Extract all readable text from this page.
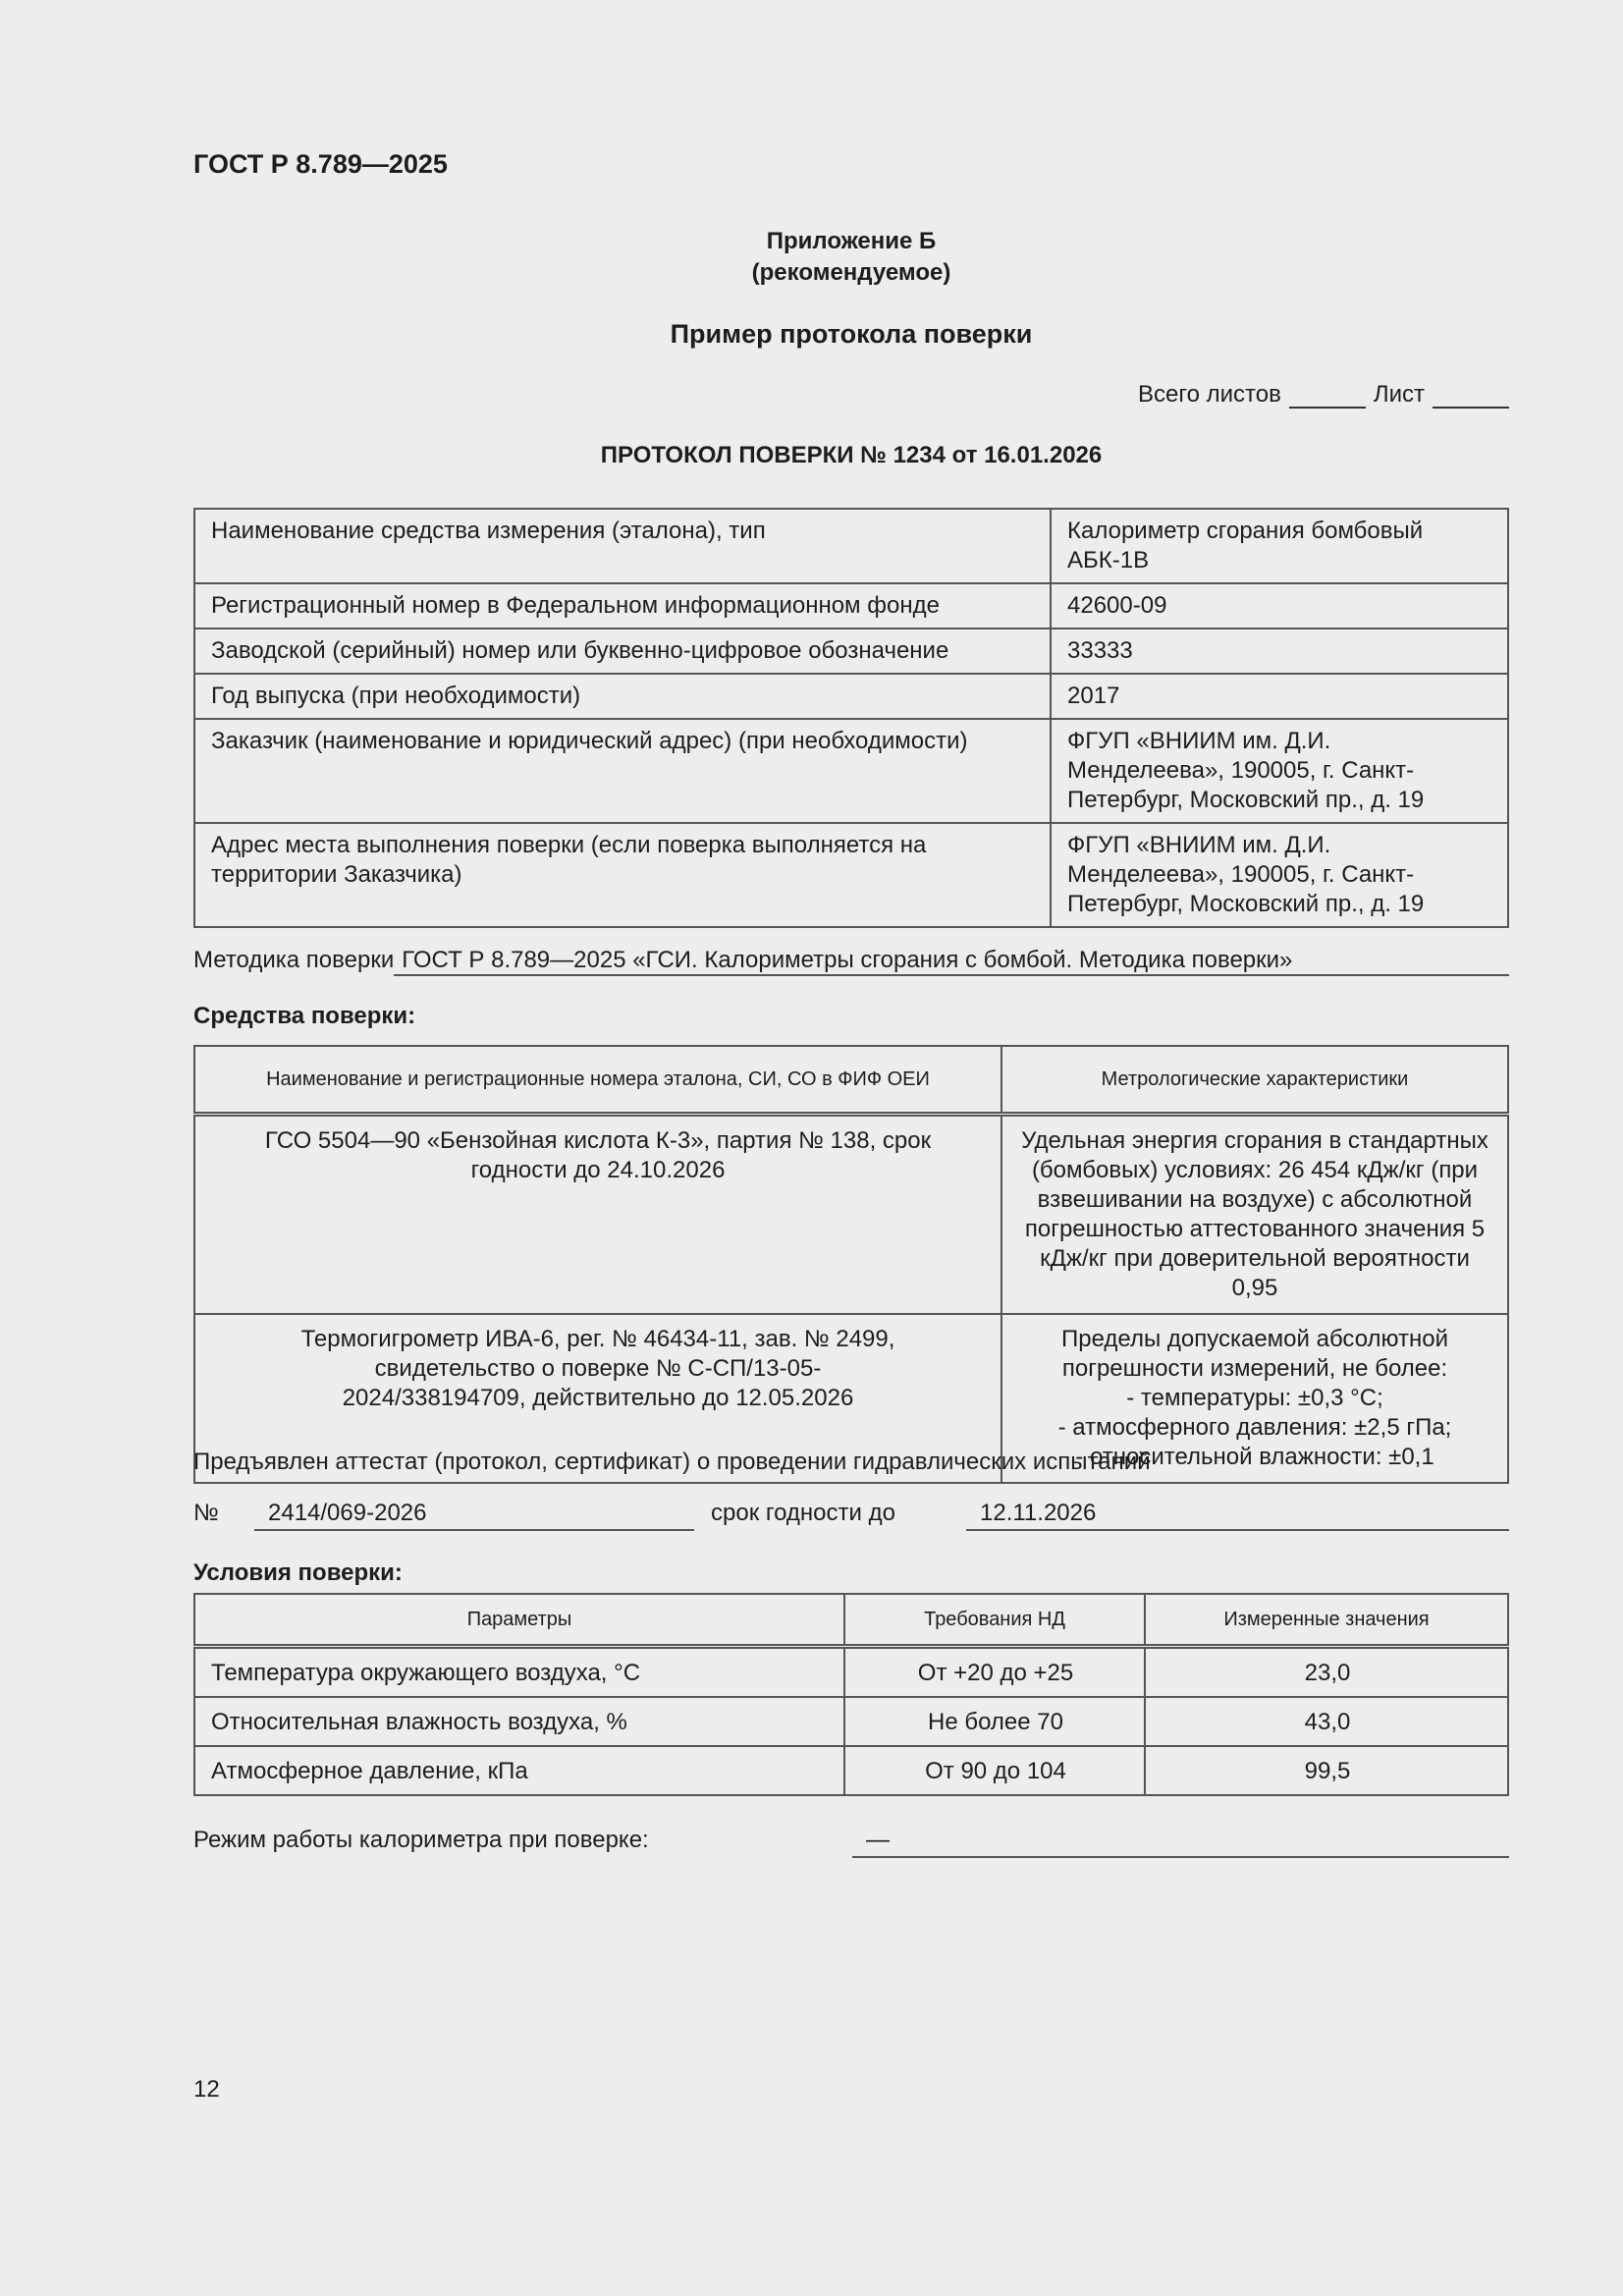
ГОСТ Р 8.789—2025
Приложение Б
(рекомендуемое)
Пример протокола поверки
Всего листов	Лист
ПРОТОКОЛ ПОВЕРКИ № 1234 от 16.01.2026
Наименование средства измерения (эталона), тип	Калориметр сгорания бомбовый АБК-1В
Регистрационный номер в Федеральном информационном фонде	42600-09
Заводской (серийный) номер или буквенно-цифровое обозначение	33333
Год выпуска (при необходимости)	2017
Заказчик (наименование и юридический адрес) (при необходимости)	ФГУП «ВНИИМ им. Д.И. Менделеева», 190005, г. Санкт-Петербург, Московский пр., д. 19
Адрес места выполнения поверки (если поверка выполняется на территории Заказчика)	ФГУП «ВНИИМ им. Д.И. Менделеева», 190005, г. Санкт-Петербург, Московский пр., д. 19
Методика поверки ГОСТ Р 8.789—2025 «ГСИ. Калориметры сгорания с бомбой. Методика поверки»
Средства поверки:
Наименование и регистрационные номера эталона, СИ, СО в ФИФ ОЕИ	Метрологические характеристики
ГСО 5504—90 «Бензойная кислота К-3», партия № 138, срок годности до 24.10.2026	Удельная энергия сгорания в стандартных (бомбовых) условиях: 26 454 кДж/кг (при взвешивании на воздухе) с абсолютной погрешностью аттестованного значения 5 кДж/кг при доверительной вероятности 0,95
Термогигрометр ИВА-6, рег. № 46434-11, зав. № 2499, свидетельство о поверке № С-СП/13-05-2024/338194709, действительно до 12.05.2026	Пределы допускаемой абсолютной погрешности измерений, не более:
- температуры: ±0,3 °С;
- атмосферного давления: ±2,5 гПа;
- относительной влажности: ±0,1
Предъявлен аттестат (протокол, сертификат) о проведении гидравлических испытаний
№	2414/069-2026	срок годности до	12.11.2026
Условия поверки:
Параметры	Требования НД	Измеренные значения
Температура окружающего воздуха, °С	От +20 до +25	23,0
Относительная влажность воздуха, %	Не более 70	43,0
Атмосферное давление, кПа	От 90 до 104	99,5
Режим работы калориметра при поверке:	—
12
